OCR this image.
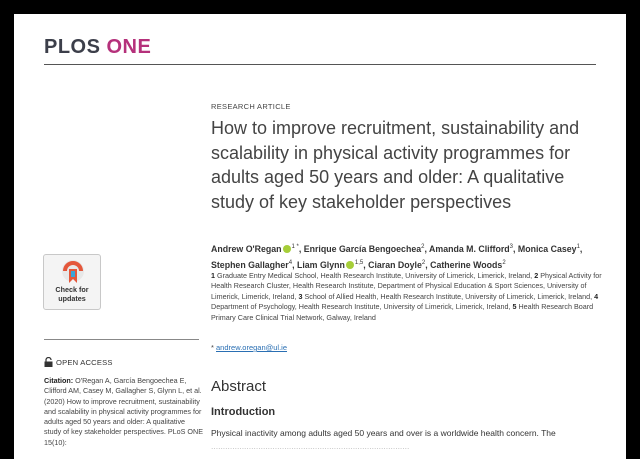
PLOS ONE
RESEARCH ARTICLE
How to improve recruitment, sustainability and scalability in physical activity programmes for adults aged 50 years and older: A qualitative study of key stakeholder perspectives
Andrew O'Regan $^{1 *}$, Enrique García Bengoechea$^2$, Amanda M. Clifford$^3$, Monica Casey$^1$, Stephen Gallagher$^4$, Liam Glynn $^{1,5}$, Ciaran Doyle$^2$, Catherine Woods$^2$
1 Graduate Entry Medical School, Health Research Institute, University of Limerick, Limerick, Ireland, 2 Physical Activity for Health Research Cluster, Health Research Institute, Department of Physical Education & Sport Sciences, University of Limerick, Limerick, Ireland, 3 School of Allied Health, Health Research Institute, University of Limerick, Limerick, Ireland, 4 Department of Psychology, Health Research Institute, University of Limerick, Limerick, Ireland, 5 Health Research Board Primary Care Clinical Trial Network, Galway, Ireland
* andrew.oregan@ul.ie
Abstract
Introduction
Physical inactivity among adults aged 50 years and over is a worldwide health concern. The
....................................................................................
Check for updates
OPEN ACCESS
Citation: O'Regan A, García Bengoechea E, Clifford AM, Casey M, Gallagher S, Glynn L, et al. (2020) How to improve recruitment, sustainability and scalability in physical activity programmes for adults aged 50 years and older: A qualitative study of key stakeholder perspectives. PLoS ONE 15(10):
